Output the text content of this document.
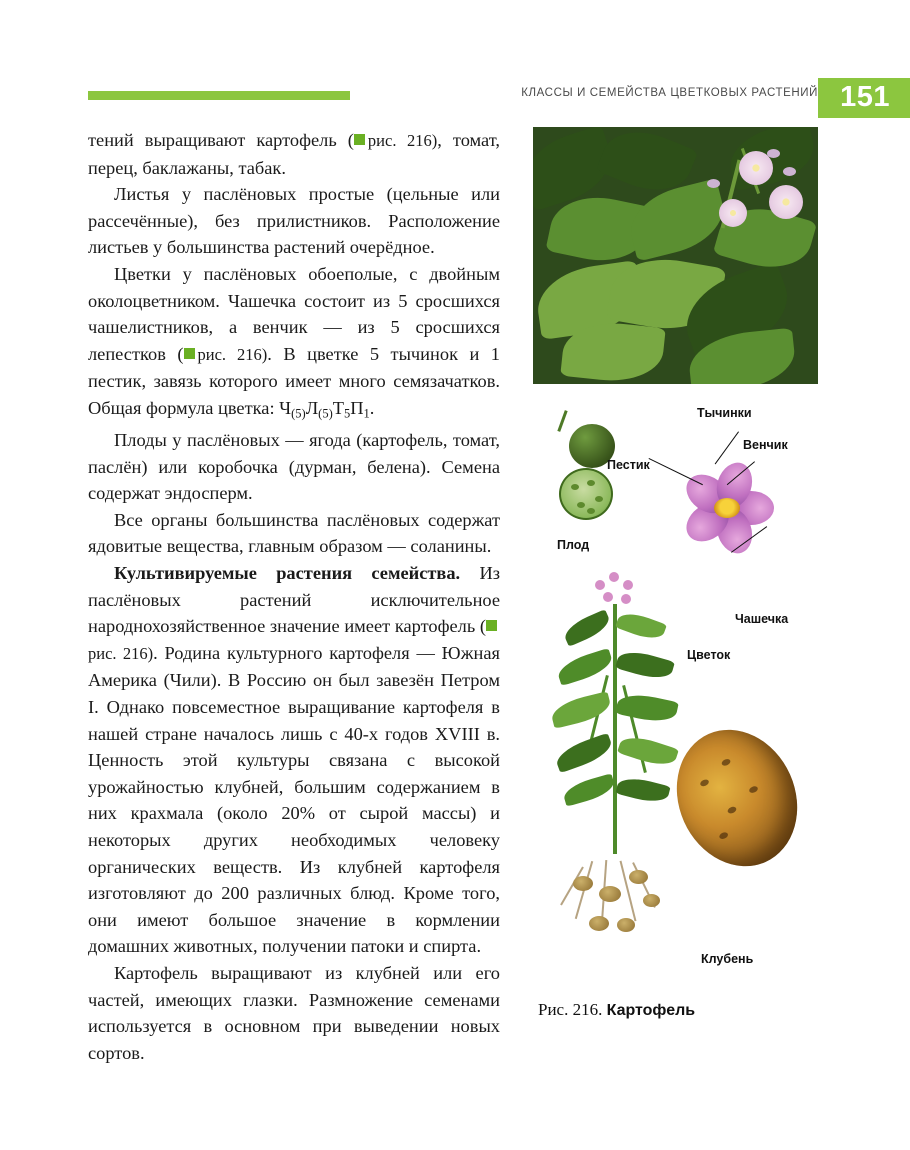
КЛАССЫ И СЕМЕЙСТВА ЦВЕТКОВЫХ РАСТЕНИЙ 151

тений выращивают картофель ( рис. 216), томат, перец, баклажаны, табак.

Листья у паслёновых простые (цельные или рассечённые), без прилистников. Расположение листьев у большинства растений очерёдное.

Цветки у паслёновых обоеполые, с двойным околоцветником. Чашечка состоит из 5 сросшихся чашелистников, а венчик — из 5 сросшихся лепестков ( рис. 216). В цветке 5 тычинок и 1 пестик, завязь которого имеет много семязачатков. Общая формула цветка: $Ч_{(5)}Л_{(5)}Т_5П_1$.

Плоды у паслёновых — ягода (картофель, томат, паслён) или коробочка (дурман, белена). Семена содержат эндосперм.

Все органы большинства паслёновых содержат ядовитые вещества, главным образом — соланины.

Культивируемые растения семейства. Из паслёновых растений исключительное народнохозяйственное значение имеет картофель (рис. 216). Родина культурного картофеля — Южная Америка (Чили). В Россию он был завезён Петром I. Однако повсеместное выращивание картофеля в нашей стране началось лишь с 40-х годов XVIII в. Ценность этой культуры связана с высокой урожайностью клубней, большим содержанием в них крахмала (около 20% от сырой массы) и некоторых других необходимых человеку органических веществ. Из клубней картофеля изготовляют до 200 различных блюд. Кроме того, они имеют большое значение в кормлении домашних животных, получении патоки и спирта.

Картофель выращивают из клубней или его частей, имеющих глазки. Размножение семенами используется в основном при выведении новых сортов.

Плод
Тычинки
Венчик
Пестик
Чашечка
Цветок
Клубень
Рис. 216. Картофель
